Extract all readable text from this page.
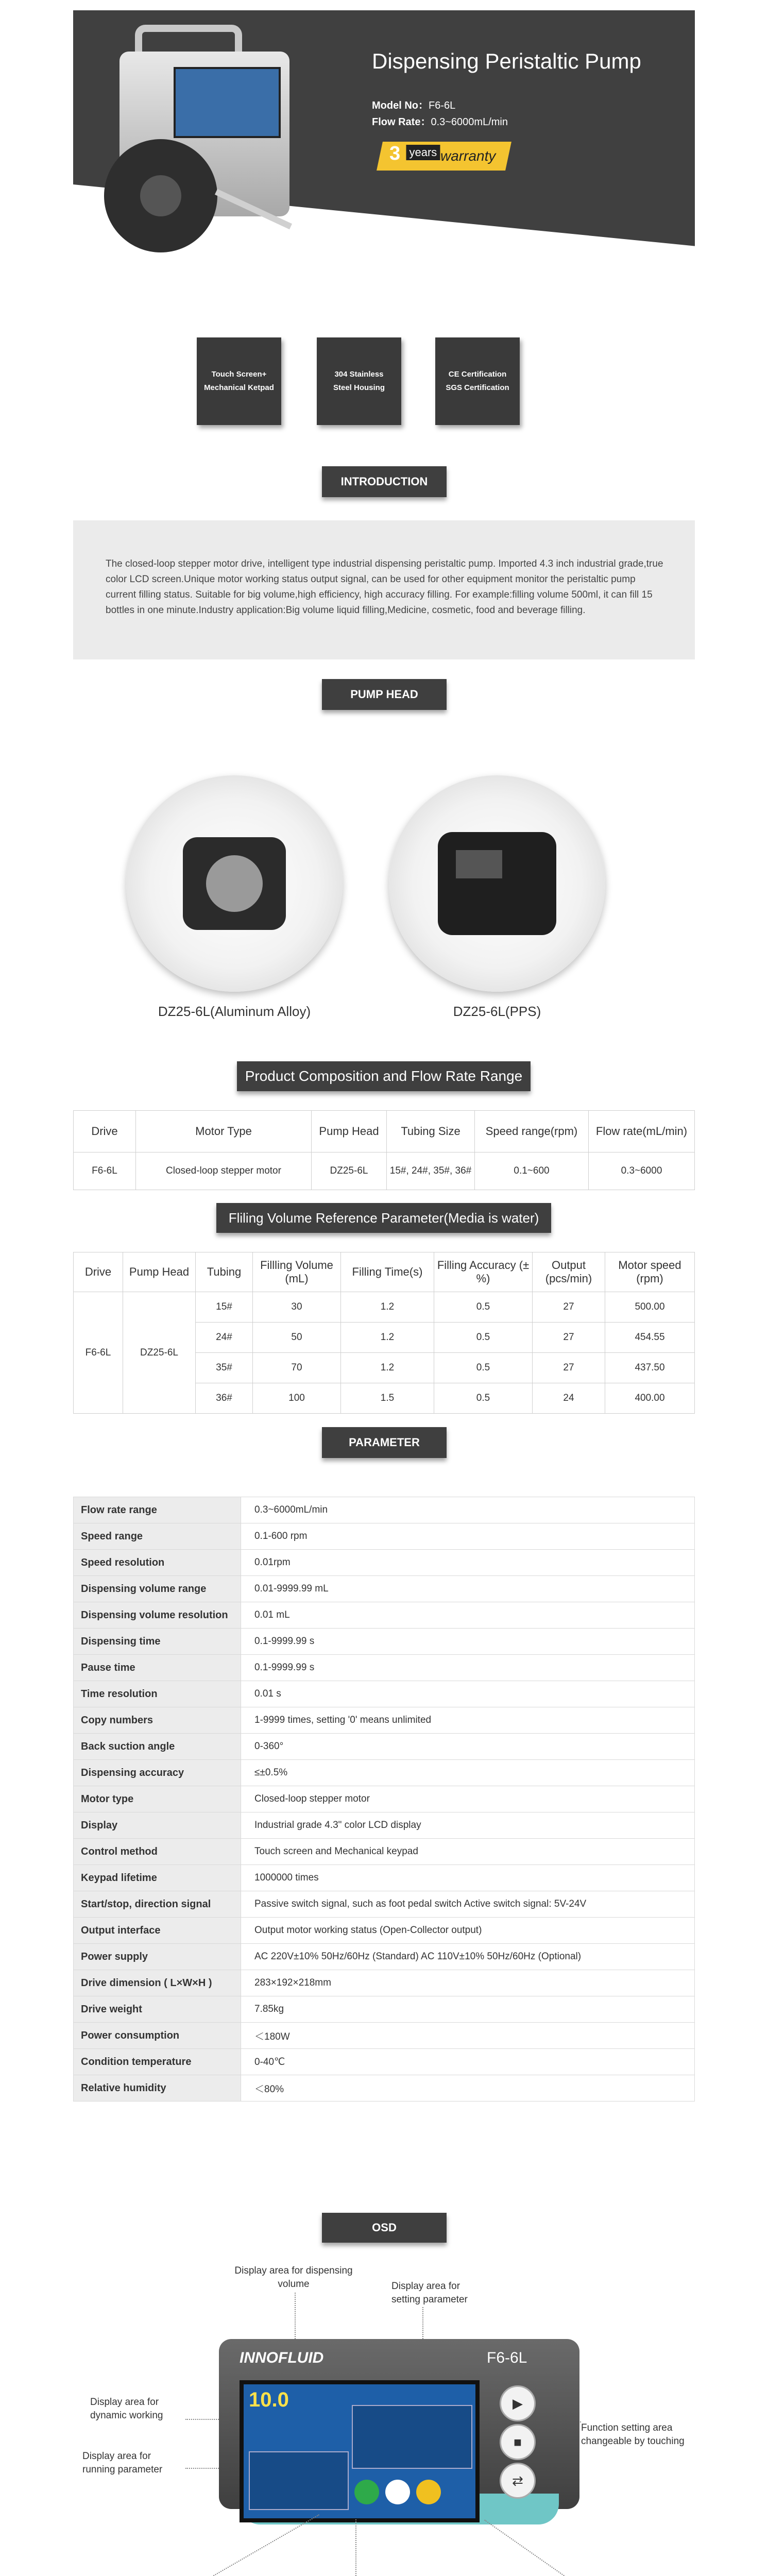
Dispensing Peristaltic Pump
Model No：F6-6L
Flow Rate：0.3~6000mL/min
3 years warranty
Touch Screen+
Mechanical Ketpad
304 Stainless
Steel Housing
CE Certification
SGS Certification
INTRODUCTION
The closed-loop stepper motor drive, intelligent type industrial dispensing peristaltic pump. Imported 4.3 inch industrial grade,true color LCD screen.Unique motor working status output signal, can be used for other equipment monitor the peristaltic pump current filling status. Suitable for big volume,high efficiency, high accuracy filling. For example:filling volume 500ml, it can fill 15 bottles in one minute.Industry application:Big volume liquid filling,Medicine, cosmetic, food and beverage filling.
PUMP HEAD
DZ25-6L(Aluminum Alloy)	DZ25-6L(PPS)
Product Composition and Flow Rate Range
Drive	Motor Type	Pump Head	Tubing Size	Speed range(rpm)	Flow rate(mL/min)
F6-6L	Closed-loop stepper motor	DZ25-6L	15#, 24#, 35#, 36#	0.1~600	0.3~6000
Fliling Volume Reference Parameter(Media is water)
Drive	Pump Head	Tubing	Fillling Volume (mL)	Filling Time(s)	Filling Accuracy (±%)	Output (pcs/min)	Motor speed (rpm)
F6-6L	DZ25-6L	15#	30	1.2	0.5	27	500.00
		24#	50	1.2	0.5	27	454.55
		35#	70	1.2	0.5	27	437.50
		36#	100	1.5	0.5	24	400.00
PARAMETER
Flow rate range	0.3~6000mL/min
Speed range	0.1-600 rpm
Speed resolution	0.01rpm
Dispensing volume range	0.01-9999.99 mL
Dispensing volume resolution	0.01 mL
Dispensing time	0.1-9999.99 s
Pause time	0.1-9999.99 s
Time resolution	0.01 s
Copy numbers	1-9999 times, setting '0' means unlimited
Back suction angle	0-360°
Dispensing accuracy	≤±0.5%
Motor type	Closed-loop stepper motor
Display	Industrial grade 4.3" color LCD display
Control method	Touch screen and Mechanical keypad
Keypad lifetime	1000000 times
Start/stop, direction signal	Passive switch signal, such as foot pedal switch Active switch signal: 5V-24V
Output interface	Output motor working status (Open-Collector output)
Power supply	AC 220V±10% 50Hz/60Hz (Standard) AC 110V±10% 50Hz/60Hz (Optional)
Drive dimension ( L×W×H )	283×192×218mm
Drive weight	7.85kg
Power consumption	＜180W
Condition temperature	0-40℃
Relative humidity	＜80%
OSD
Display area for dispensing volume	Display area for setting parameter
Display area for dynamic working
Display area for running parameter
Function setting area changeable by touching
INNOFLUID	F6-6L
10.0	▶
■
⇄
